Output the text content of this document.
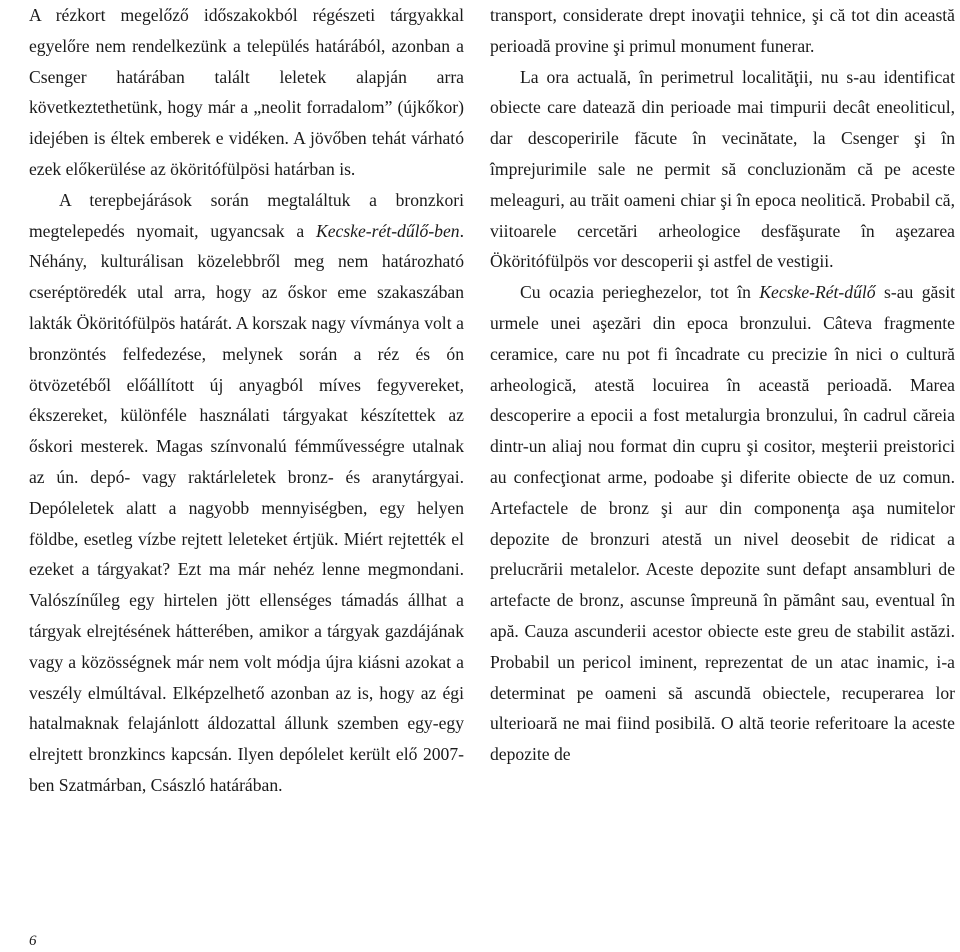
A rézkort megelőző időszakokból régészeti tárgyakkal egyelőre nem rendelkezünk a település határából, azonban a Csenger határában talált leletek alapján arra következtethetünk, hogy már a „neolit forradalom” (újkőkor) idejében is éltek emberek e vidéken. A jövőben tehát várható ezek előkerülése az ököritófülpösi határban is.

A terepbejárások során megtaláltuk a bronzkori megtelepedés nyomait, ugyancsak a Kecske-rét-dűlő-ben. Néhány, kulturálisan közelebbről meg nem határozható cseréptöredék utal arra, hogy az őskor eme szakaszában lakták Ököritófülpös határát. A korszak nagy vívmánya volt a bronzöntés felfedezése, melynek során a réz és ón ötvözetéből előállított új anyagból míves fegyvereket, ékszereket, különféle használati tárgyakat készítettek az őskori mesterek. Magas színvonalú fémművességre utalnak az ún. depó- vagy raktárleletek bronz- és aranytárgyai. Depóleletek alatt a nagyobb mennyiségben, egy helyen földbe, esetleg vízbe rejtett leleteket értjük. Miért rejtették el ezeket a tárgyakat? Ezt ma már nehéz lenne megmondani. Valószínűleg egy hirtelen jött ellenséges támadás állhat a tárgyak elrejtésének hátterében, amikor a tárgyak gazdájának vagy a közösségnek már nem volt módja újra kiásni azokat a veszély elmúltával. Elképzelhető azonban az is, hogy az égi hatalmaknak felajánlott áldozattal állunk szemben egy-egy elrejtett bronzkincs kapcsán. Ilyen depólelet került elő 2007-ben Szatmárban, Császló határában.

transport, considerate drept inovaţii tehnice, şi că tot din această perioadă provine şi primul monument funerar.

La ora actuală, în perimetrul localităţii, nu s-au identificat obiecte care datează din perioade mai timpurii decât eneoliticul, dar descoperirile făcute în vecinătate, la Csenger şi în împrejurimile sale ne permit să concluzionăm că pe aceste meleaguri, au trăit oameni chiar şi în epoca neolitică. Probabil că, viitoarele cercetări arheologice desfăşurate în aşezarea Ököritófülpös vor descoperii şi astfel de vestigii.

Cu ocazia perieghezelor, tot în Kecske-Rét-dűlő s-au găsit urmele unei aşezări din epoca bronzului. Câteva fragmente ceramice, care nu pot fi încadrate cu precizie în nici o cultură arheologică, atestă locuirea în această perioadă. Marea descoperire a epocii a fost metalurgia bronzului, în cadrul căreia dintr-un aliaj nou format din cupru şi cositor, meşterii preistorici au confecţionat arme, podoabe şi diferite obiecte de uz comun. Artefactele de bronz şi aur din componenţa aşa numitelor depozite de bronzuri atestă un nivel deosebit de ridicat a prelucrării metalelor. Aceste depozite sunt defapt ansambluri de artefacte de bronz, ascunse împreună în pământ sau, eventual în apă. Cauza ascunderii acestor obiecte este greu de stabilit astăzi. Probabil un pericol iminent, reprezentat de un atac inamic, i-a determinat pe oameni să ascundă obiectele, recuperarea lor ulterioară ne mai fiind posibilă. O altă teorie referitoare la aceste depozite de

6
